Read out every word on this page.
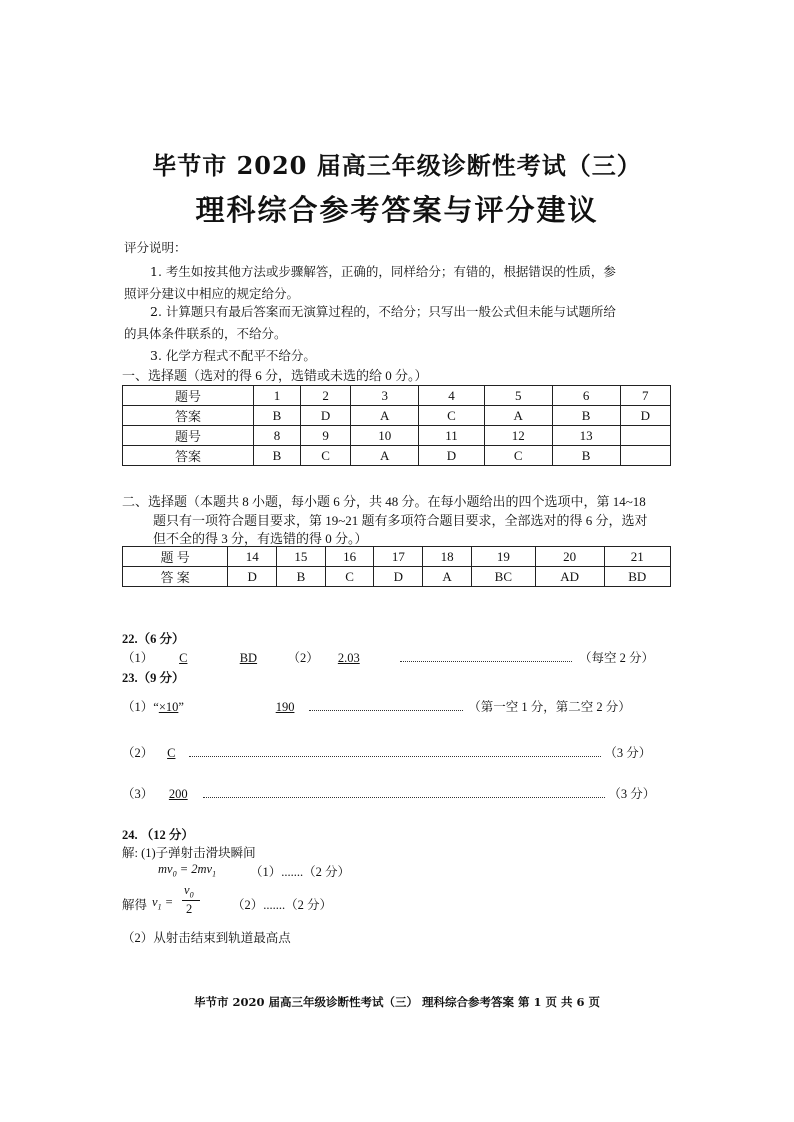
毕节市 2020 届高三年级诊断性考试（三）
理科综合参考答案与评分建议
评分说明：
1. 考生如按其他方法或步骤解答，正确的，同样给分；有错的，根据错误的性质，参
照评分建议中相应的规定给分。
2. 计算题只有最后答案而无演算过程的，不给分；只写出一般公式但未能与试题所给
的具体条件联系的，不给分。
3. 化学方程式不配平不给分。
一、选择题（选对的得 6 分，选错或未选的给 0 分。）
题号	1	2	3	4	5	6	7
答案	B	D	A	C	A	B	D
题号	8	9	10	11	12	13	
答案	B	C	A	D	C	B	
二、选择题（本题共 8 小题，每小题 6 分，共 48 分。在每小题给出的四个选项中，第 14~18
题只有一项符合题目要求，第 19~21 题有多项符合题目要求，全部选对的得 6 分，选对
但不全的得 3 分，有选错的得 0 分。）
题 号	14	15	16	17	18	19	20	21
答 案	D	B	C	D	A	BC	AD	BD
22.（6 分）
（1） C	BD （2） 2.03	（每空 2 分）
23.（9 分）
（1）“×10”	190	（第一空 1 分，第二空 2 分）
（2） C	（3 分）
（3） 200	（3 分）
24. （12 分）
解: (1)子弹射击滑块瞬间
$mv_0 = 2mv_1$	（1）.......（2 分）
解得 $v_1$ =
$v_0$
2	（2）.......（2 分）
（2）从射击结束到轨道最高点
毕节市 2020 届高三年级诊断性考试（三） 理科综合参考答案 第 1 页 共 6 页
